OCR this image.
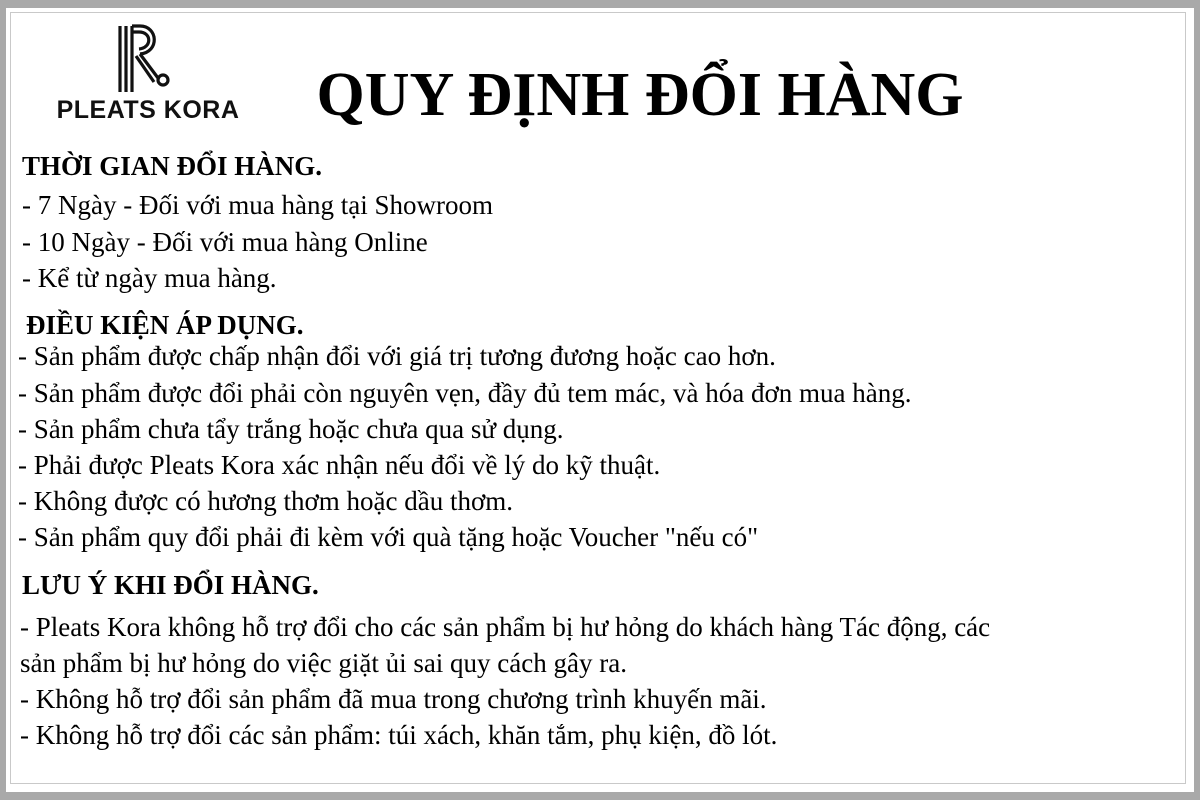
PLEATS KORA	QUY ĐỊNH ĐỔI HÀNG
THỜI GIAN ĐỔI HÀNG.
- 7 Ngày - Đối với mua hàng tại Showroom
- 10 Ngày - Đối với mua hàng Online
- Kể từ ngày mua hàng.
ĐIỀU KIỆN ÁP DỤNG.
- Sản phẩm được chấp nhận đổi với giá trị tương đương hoặc cao hơn.
- Sản phẩm được đổi phải còn nguyên vẹn, đầy đủ tem mác, và hóa đơn mua hàng.
- Sản phẩm chưa tẩy trắng hoặc chưa qua sử dụng.
- Phải được Pleats Kora xác nhận nếu đổi về lý do kỹ thuật.
- Không được có hương thơm hoặc dầu thơm.
- Sản phẩm quy đổi phải đi kèm với quà tặng hoặc Voucher "nếu có"
LƯU Ý KHI ĐỔI HÀNG.
- Pleats Kora không hỗ trợ đổi cho các sản phẩm bị hư hỏng do khách hàng Tác động, các
sản phẩm bị hư hỏng do việc giặt ủi sai quy cách gây ra.
- Không hỗ trợ đổi sản phẩm đã mua trong chương trình khuyến mãi.
- Không hỗ trợ đổi các sản phẩm: túi xách, khăn tắm, phụ kiện, đồ lót.
